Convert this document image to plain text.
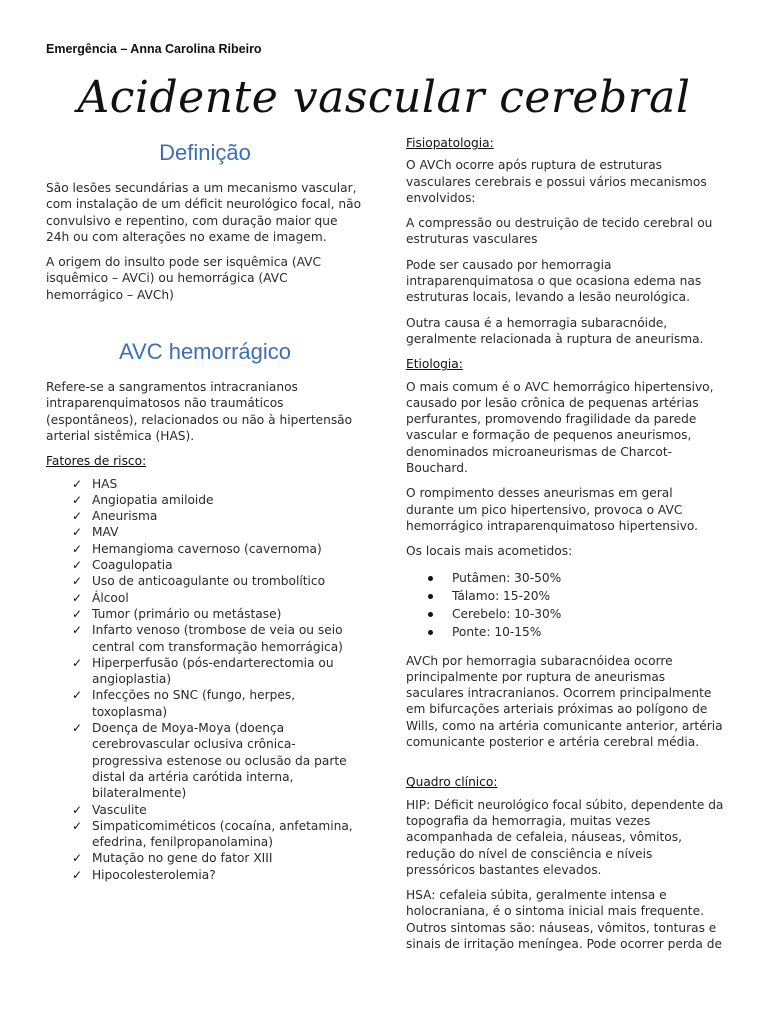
Emergência – Anna Carolina Ribeiro
Acidente vascular cerebral
Definição

São lesões secundárias a um mecanismo vascular, com instalação de um déficit neurológico focal, não convulsivo e repentino, com duração maior que 24h ou com alterações no exame de imagem.

A origem do insulto pode ser isquêmica (AVC isquêmico – AVCi) ou hemorrágica (AVC hemorrágico – AVCh)

AVC hemorrágico

Refere-se a sangramentos intracranianos intraparenquimatosos não traumáticos (espontâneos), relacionados ou não à hipertensão arterial sistêmica (HAS).

Fatores de risco:
✓ HAS
✓ Angiopatia amiloide
✓ Aneurisma
✓ MAV
✓ Hemangioma cavernoso (cavernoma)
✓ Coagulopatia
✓ Uso de anticoagulante ou trombolítico
✓ Álcool
✓ Tumor (primário ou metástase)
✓ Infarto venoso (trombose de veia ou seio central com transformação hemorrágica)
✓ Hiperperfusão (pós-endarterectomia ou angioplastia)
✓ Infecções no SNC (fungo, herpes, toxoplasma)
✓ Doença de Moya-Moya (doença cerebrovascular oclusiva crônica-progressiva estenose ou oclusão da parte distal da artéria carótida interna, bilateralmente)
✓ Vasculite
✓ Simpaticomiméticos (cocaína, anfetamina, efedrina, fenilpropanolamina)
✓ Mutação no gene do fator XIII
✓ Hipocolesterolemia?
Fisiopatologia:

O AVCh ocorre após ruptura de estruturas vasculares cerebrais e possui vários mecanismos envolvidos:

A compressão ou destruição de tecido cerebral ou estruturas vasculares

Pode ser causado por hemorragia intraparenquimatosa o que ocasiona edema nas estruturas locais, levando a lesão neurológica.

Outra causa é a hemorragia subaracnóide, geralmente relacionada à ruptura de aneurisma.

Etiologia:

O mais comum é o AVC hemorrágico hipertensivo, causado por lesão crônica de pequenas artérias perfurantes, promovendo fragilidade da parede vascular e formação de pequenos aneurismos, denominados microaneurismas de Charcot-Bouchard.

O rompimento desses aneurismas em geral durante um pico hipertensivo, provoca o AVC hemorrágico intraparenquimatoso hipertensivo.

Os locais mais acometidos:

Putâmen: 30-50%
Tálamo: 15-20%
Cerebelo: 10-30%
Ponte: 10-15%

AVCh por hemorragia subaracnóidea ocorre principalmente por ruptura de aneurismas saculares intracranianos. Ocorrem principalmente em bifurcações arteriais próximas ao polígono de Wills, como na artéria comunicante anterior, artéria comunicante posterior e artéria cerebral média.

Quadro clínico:

HIP: Déficit neurológico focal súbito, dependente da topografia da hemorragia, muitas vezes acompanhada de cefaleia, náuseas, vômitos, redução do nível de consciência e níveis pressóricos bastantes elevados.

HSA: cefaleia súbita, geralmente intensa e holocraniana, é o sintoma inicial mais frequente. Outros sintomas são: náuseas, vômitos, tonturas e sinais de irritação meníngea. Pode ocorrer perda de
